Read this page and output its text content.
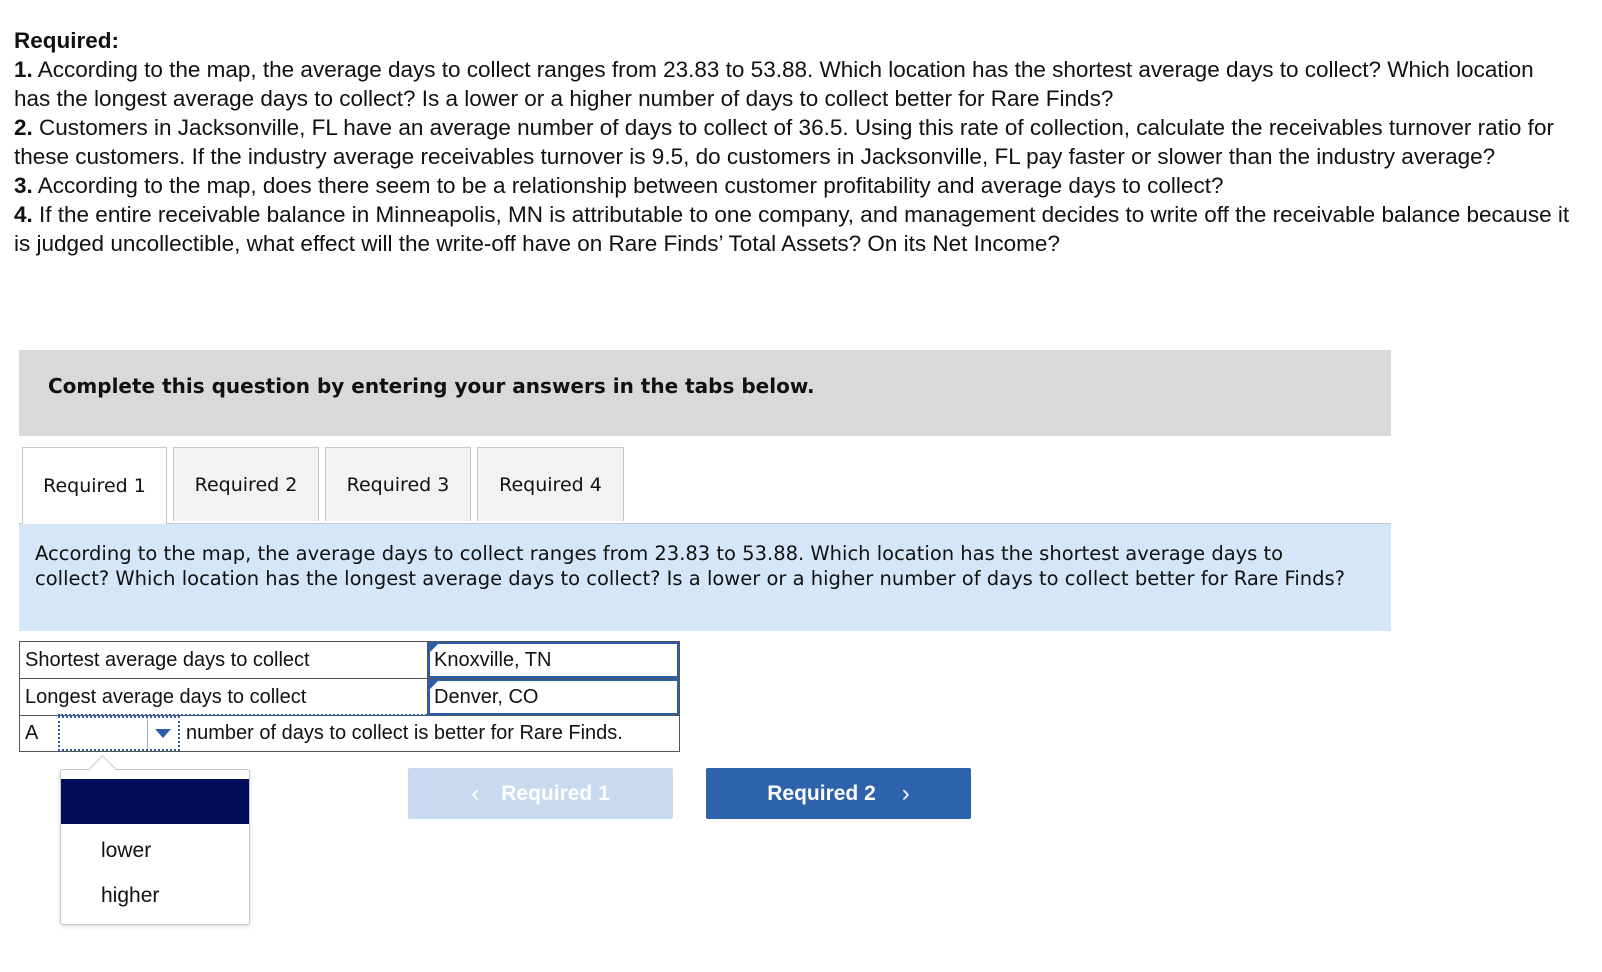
Required:
1. According to the map, the average days to collect ranges from 23.83 to 53.88. Which location has the shortest average days to collect? Which location has the longest average days to collect? Is a lower or a higher number of days to collect better for Rare Finds?
2. Customers in Jacksonville, FL have an average number of days to collect of 36.5. Using this rate of collection, calculate the receivables turnover ratio for these customers. If the industry average receivables turnover is 9.5, do customers in Jacksonville, FL pay faster or slower than the industry average?
3. According to the map, does there seem to be a relationship between customer profitability and average days to collect?
4. If the entire receivable balance in Minneapolis, MN is attributable to one company, and management decides to write off the receivable balance because it is judged uncollectible, what effect will the write-off have on Rare Finds’ Total Assets? On its Net Income?
Complete this question by entering your answers in the tabs below.
Required 1	Required 2	Required 3	Required 4
According to the map, the average days to collect ranges from 23.83 to 53.88. Which location has the shortest average days to collect? Which location has the longest average days to collect? Is a lower or a higher number of days to collect better for Rare Finds?
Shortest average days to collect	Knoxville, TN
Longest average days to collect	Denver, CO
A	number of days to collect is better for Rare Finds.
lower
higher
‹ Required 1	Required 2 ›
